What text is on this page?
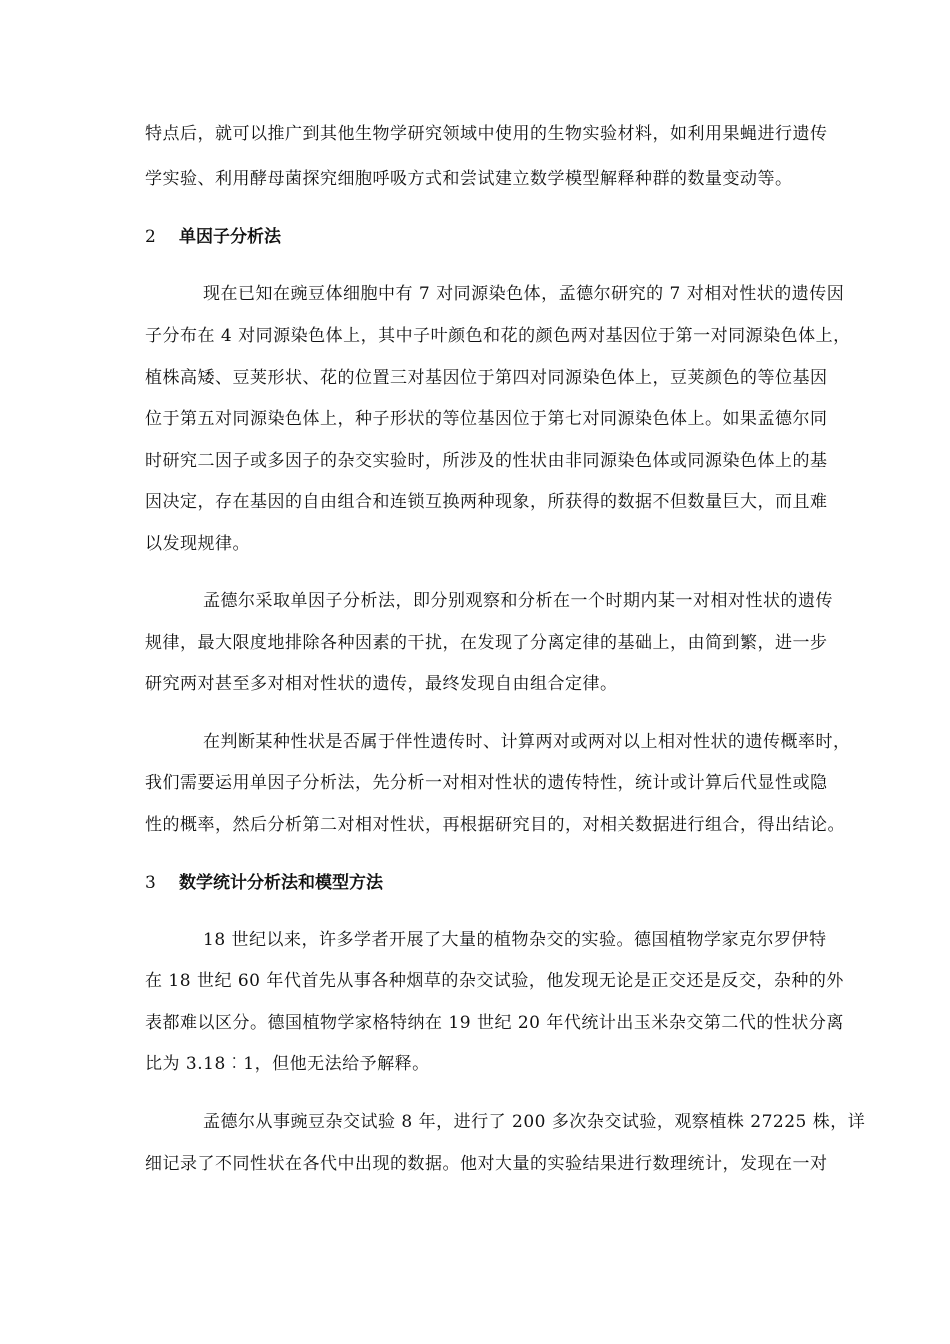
特点后，就可以推广到其他生物学研究领域中使用的生物实验材料，如利用果蝇进行遗传
学实验、利用酵母菌探究细胞呼吸方式和尝试建立数学模型解释种群的数量变动等。
2 单因子分析法
现在已知在豌豆体细胞中有 7 对同源染色体，孟德尔研究的 7 对相对性状的遗传因
子分布在 4 对同源染色体上，其中子叶颜色和花的颜色两对基因位于第一对同源染色体上，
植株高矮、豆荚形状、花的位置三对基因位于第四对同源染色体上，豆荚颜色的等位基因
位于第五对同源染色体上，种子形状的等位基因位于第七对同源染色体上。如果孟德尔同
时研究二因子或多因子的杂交实验时，所涉及的性状由非同源染色体或同源染色体上的基
因决定，存在基因的自由组合和连锁互换两种现象，所获得的数据不但数量巨大，而且难
以发现规律。
孟德尔采取单因子分析法，即分别观察和分析在一个时期内某一对相对性状的遗传
规律，最大限度地排除各种因素的干扰，在发现了分离定律的基础上，由简到繁，进一步
研究两对甚至多对相对性状的遗传，最终发现自由组合定律。
在判断某种性状是否属于伴性遗传时、计算两对或两对以上相对性状的遗传概率时，
我们需要运用单因子分析法，先分析一对相对性状的遗传特性，统计或计算后代显性或隐
性的概率，然后分析第二对相对性状，再根据研究目的，对相关数据进行组合，得出结论。
3 数学统计分析法和模型方法
18 世纪以来，许多学者开展了大量的植物杂交的实验。德国植物学家克尔罗伊特
在 18 世纪 60 年代首先从事各种烟草的杂交试验，他发现无论是正交还是反交，杂种的外
表都难以区分。德国植物学家格特纳在 19 世纪 20 年代统计出玉米杂交第二代的性状分离
比为 3.18︰1，但他无法给予解释。
孟德尔从事豌豆杂交试验 8 年，进行了 200 多次杂交试验，观察植株 27225 株，详
细记录了不同性状在各代中出现的数据。他对大量的实验结果进行数理统计，发现在一对
